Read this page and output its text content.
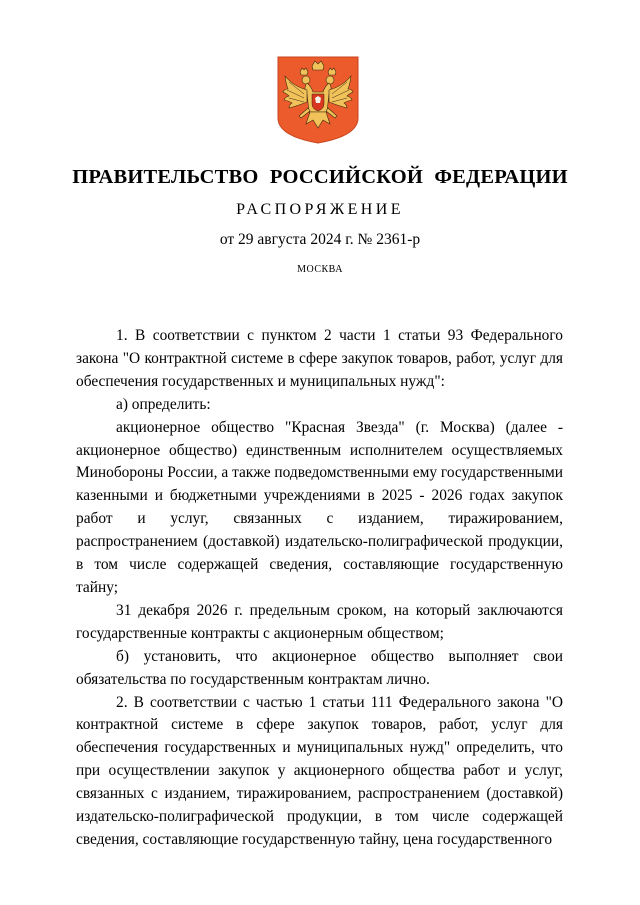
ПРАВИТЕЛЬСТВО РОССИЙСКОЙ ФЕДЕРАЦИИ
РАСПОРЯЖЕНИЕ
от 29 августа 2024 г. № 2361-р
МОСКВА

1. В соответствии с пунктом 2 части 1 статьи 93 Федерального закона "О контрактной системе в сфере закупок товаров, работ, услуг для обеспечения государственных и муниципальных нужд":

а) определить:

акционерное общество "Красная Звезда" (г. Москва) (далее - акционерное общество) единственным исполнителем осуществляемых Минобороны России, а также подведомственными ему государственными казенными и бюджетными учреждениями в 2025 - 2026 годах закупок работ и услуг, связанных с изданием, тиражированием, распространением (доставкой) издательско-полиграфической продукции, в том числе содержащей сведения, составляющие государственную тайну;

31 декабря 2026 г. предельным сроком, на который заключаются государственные контракты с акционерным обществом;

б) установить, что акционерное общество выполняет свои обязательства по государственным контрактам лично.

2. В соответствии с частью 1 статьи 111 Федерального закона "О контрактной системе в сфере закупок товаров, работ, услуг для обеспечения государственных и муниципальных нужд" определить, что при осуществлении закупок у акционерного общества работ и услуг, связанных с изданием, тиражированием, распространением (доставкой) издательско-полиграфической продукции, в том числе содержащей сведения, составляющие государственную тайну, цена государственного
